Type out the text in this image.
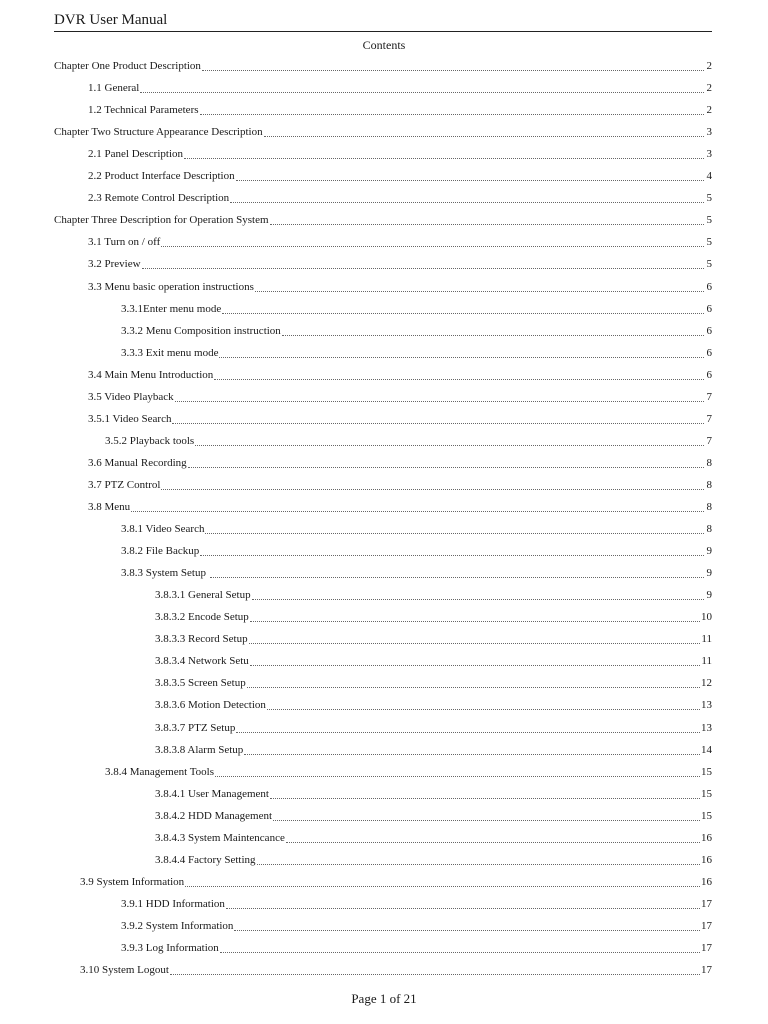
DVR User Manual
Contents
Chapter One Product Description	2
1.1 General	2
1.2 Technical Parameters	2
Chapter Two Structure Appearance Description	3
2.1 Panel Description	3
2.2 Product Interface Description	4
2.3 Remote Control Description	5
Chapter Three Description for Operation System	5
3.1 Turn on / off	5
3.2 Preview	5
3.3 Menu basic operation instructions	6
3.3.1Enter menu mode	6
3.3.2 Menu Composition instruction	6
3.3.3 Exit menu mode	6
3.4 Main Menu Introduction	6
3.5 Video Playback	7
3.5.1 Video Search	7
3.5.2 Playback tools	7
3.6 Manual Recording	8
3.7 PTZ Control	8
3.8 Menu	8
3.8.1 Video Search	8
3.8.2 File Backup	9
3.8.3 System Setup	9
3.8.3.1 General Setup	9
3.8.3.2 Encode Setup	10
3.8.3.3 Record Setup	11
3.8.3.4 Network Setu	11
3.8.3.5 Screen Setup	12
3.8.3.6 Motion Detection	13
3.8.3.7 PTZ Setup	13
3.8.3.8 Alarm Setup	14
3.8.4 Management Tools	15
3.8.4.1 User Management	15
3.8.4.2 HDD Management	15
3.8.4.3 System Maintencance	16
3.8.4.4 Factory Setting	16
3.9 System Information	16
3.9.1 HDD Information	17
3.9.2 System Information	17
3.9.3 Log Information	17
3.10 System Logout	17
Page 1 of 21
